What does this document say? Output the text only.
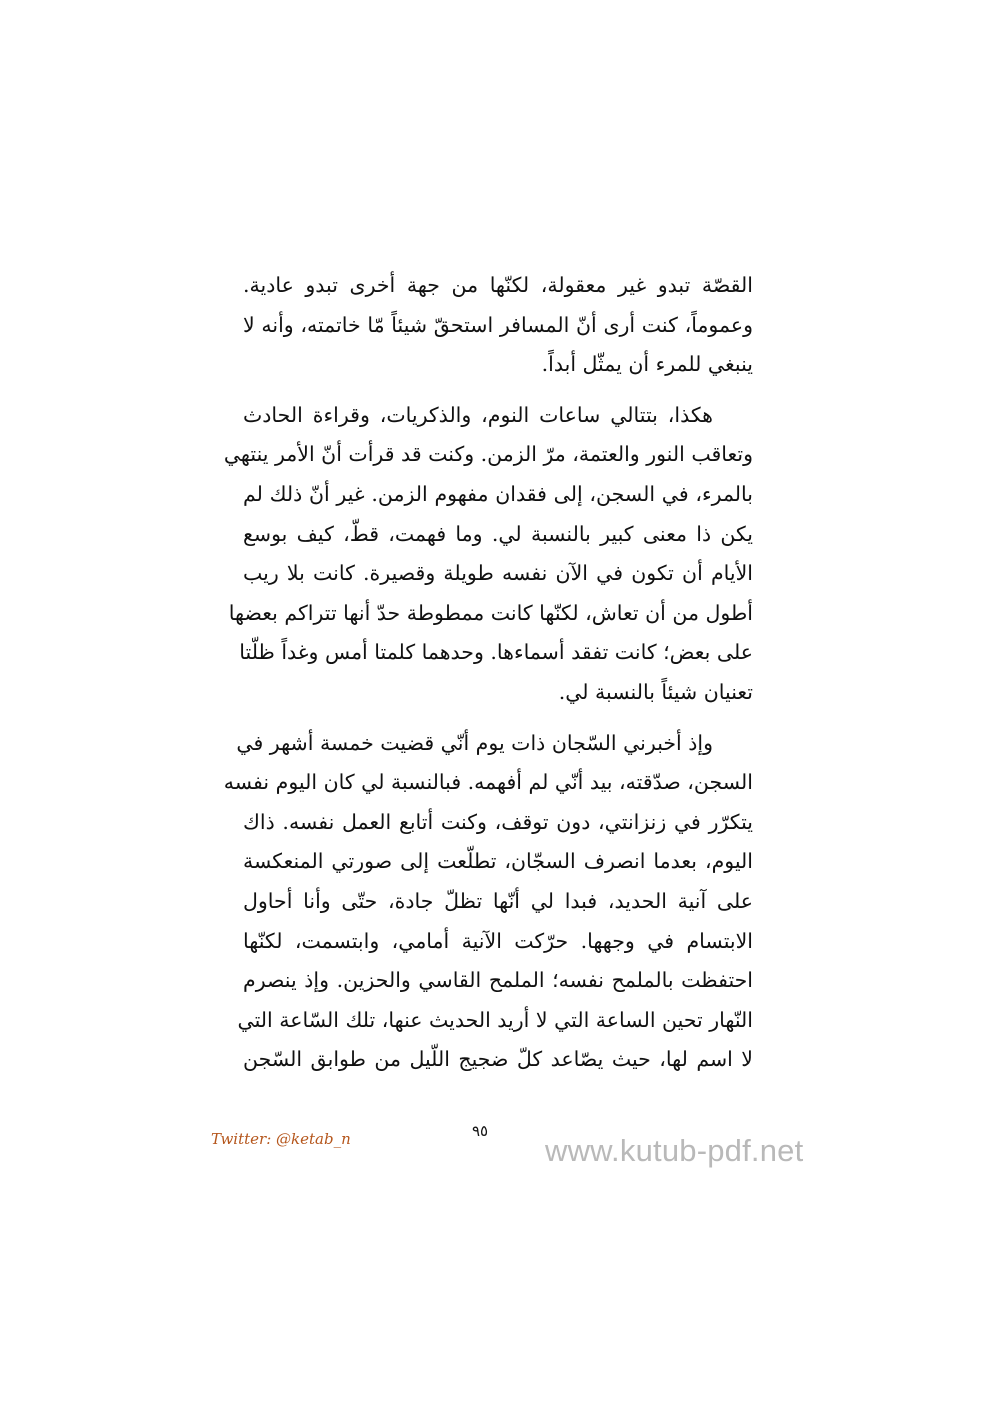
القصّة تبدو غير معقولة، لكنّها من جهة أخرى تبدو عادية.
وعموماً، كنت أرى أنّ المسافر استحقّ شيئاً مّا خاتمته، وأنه لا
ينبغي للمرء أن يمثّل أبداً.

هكذا، بتتالي ساعات النوم، والذكريات، وقراءة الحادث
وتعاقب النور والعتمة، مرّ الزمن. وكنت قد قرأت أنّ الأمر ينتهي
بالمرء، في السجن، إلى فقدان مفهوم الزمن. غير أنّ ذلك لم
يكن ذا معنى كبير بالنسبة لي. وما فهمت، قطّ، كيف بوسع
الأيام أن تكون في الآن نفسه طويلة وقصيرة. كانت بلا ريب
أطول من أن تعاش، لكنّها كانت ممطوطة حدّ أنها تتراكم بعضها
على بعض؛ كانت تفقد أسماءها. وحدهما كلمتا أمس وغداً ظلّتا
تعنيان شيئاً بالنسبة لي.

وإذ أخبرني السّجان ذات يوم أنّي قضيت خمسة أشهر في
السجن، صدّقته، بيد أنّي لم أفهمه. فبالنسبة لي كان اليوم نفسه
يتكرّر في زنزانتي، دون توقف، وكنت أتابع العمل نفسه. ذاك
اليوم، بعدما انصرف السجّان، تطلّعت إلى صورتي المنعكسة
على آنية الحديد، فبدا لي أنّها تظلّ جادة، حتّى وأنا أحاول
الابتسام في وجهها. حرّكت الآنية أمامي، وابتسمت، لكنّها
احتفظت بالملمح نفسه؛ الملمح القاسي والحزين. وإذ ينصرم
النّهار تحين الساعة التي لا أريد الحديث عنها، تلك السّاعة التي
لا اسم لها، حيث يصّاعد كلّ ضجيج اللّيل من طوابق السّجن

Twitter: @ketab_n	٩٥
www.kutub-pdf.net
